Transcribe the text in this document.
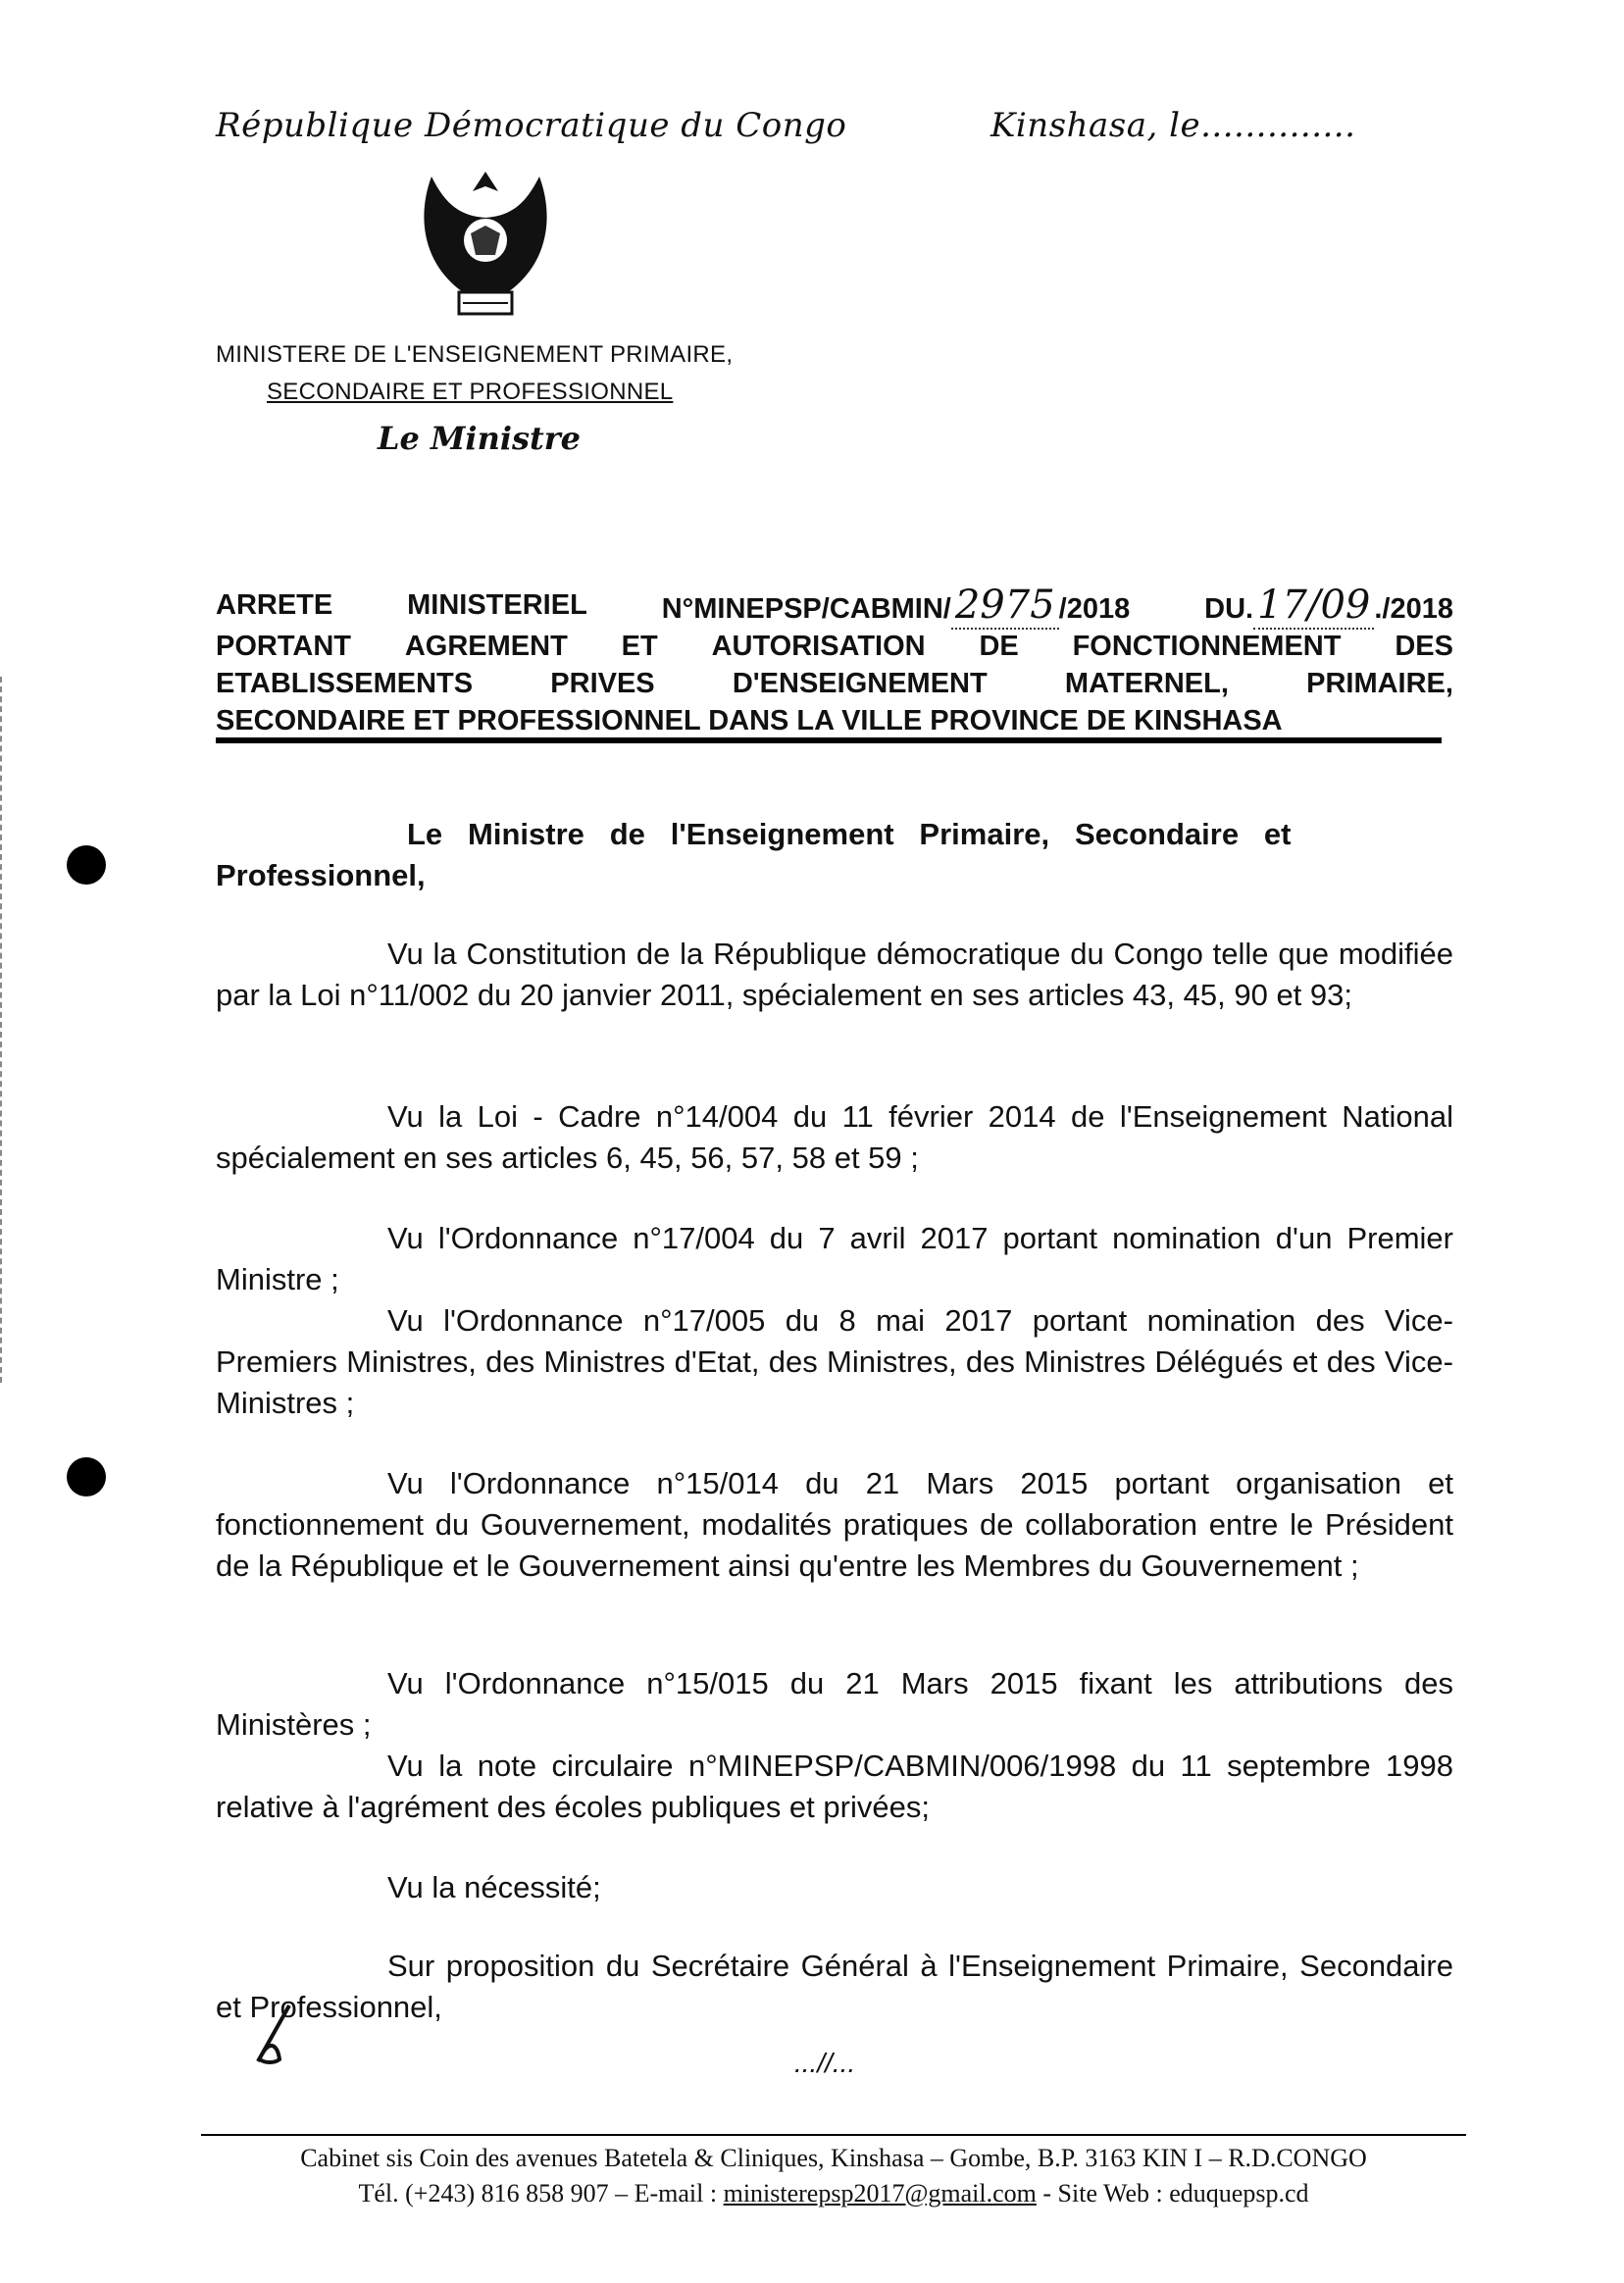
République Démocratique du Congo	Kinshasa, le..............
MINISTERE DE L'ENSEIGNEMENT PRIMAIRE,
SECONDAIRE ET PROFESSIONNEL
Le Ministre
ARRETE	MINISTERIEL	N°MINEPSP/CABMIN/ 2975 /2018	DU. 17/09 ./2018
PORTANT AGREMENT ET AUTORISATION DE FONCTIONNEMENT DES
ETABLISSEMENTS	PRIVES	D'ENSEIGNEMENT	MATERNEL,	PRIMAIRE,
SECONDAIRE ET PROFESSIONNEL DANS LA VILLE PROVINCE DE KINSHASA
Le   Ministre   de   l'Enseignement   Primaire,   Secondaire   et
Professionnel,
Vu la Constitution de la République démocratique du Congo telle que modifiée par la Loi n°11/002 du 20 janvier 2011, spécialement en ses articles 43, 45, 90 et 93;
Vu la Loi - Cadre n°14/004 du 11 février 2014 de l'Enseignement National spécialement en ses articles 6, 45, 56, 57, 58 et 59 ;
Vu l'Ordonnance n°17/004 du 7 avril 2017 portant nomination d'un Premier Ministre ;
Vu l'Ordonnance n°17/005 du 8 mai 2017 portant nomination des Vice-Premiers Ministres, des Ministres d'Etat, des Ministres, des Ministres Délégués et des Vice-Ministres ;
Vu l'Ordonnance n°15/014 du 21 Mars 2015 portant organisation et fonctionnement du Gouvernement, modalités pratiques de collaboration entre le Président de la République et le Gouvernement ainsi qu'entre les Membres du Gouvernement ;
Vu l'Ordonnance n°15/015 du 21 Mars 2015 fixant les attributions des Ministères ;
Vu la note circulaire n°MINEPSP/CABMIN/006/1998 du 11 septembre 1998 relative à l'agrément des écoles publiques et privées;
Vu la nécessité;
Sur proposition du Secrétaire Général à l'Enseignement Primaire, Secondaire et Professionnel,
...//...
Cabinet sis Coin des avenues Batetela & Cliniques, Kinshasa – Gombe, B.P. 3163 KIN I – R.D.CONGO
Tél. (+243) 816 858 907 – E-mail : ministerepsp2017@gmail.com - Site Web : eduquepsp.cd
